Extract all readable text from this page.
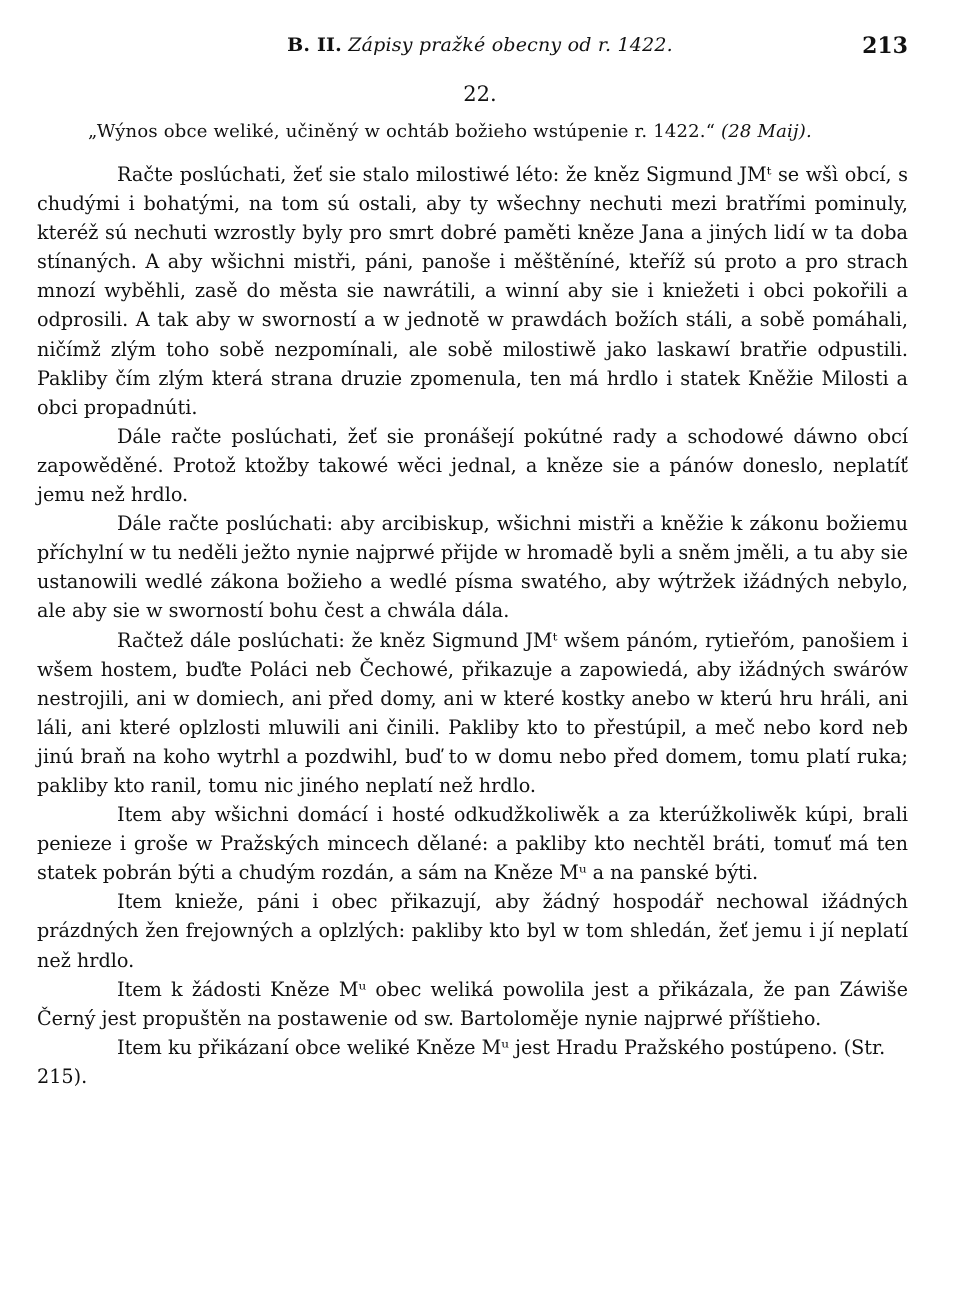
B. II. Zápisy pražké obecny od r. 1422.	213
22.
„Wýnos obce weliké, učiněný w ochtáb božieho wstúpenie r. 1422.“ (28 Maij).

Račte poslúchati, žeť sie stalo milostiwé léto: že kněz Sigmund JMᵗ se wšì obcí, s chudými i bohatými, na tom sú ostali, aby ty wšechny nechuti mezi bratřími pominuly, kteréž sú nechuti wzrostly byly pro smrt dobré paměti kněze Jana a jiných lidí w ta doba stínaných. A aby wšichni mistři, páni, panoše i měštěníné, kteříž sú proto a pro strach mnozí wyběhli, zasě do města sie nawrátili, a winní aby sie i kniežeti i obci pokořili a odprosili. A tak aby w sworností a w jednotě w prawdách božích stáli, a sobě pomáhali, ničímž zlým toho sobě nezpomínali, ale sobě milostiwě jako laskawí bratřie odpustili. Pakliby čím zlým která strana druzie zpomenula, ten má hrdlo i statek Kněžie Milosti a obci propadnúti.

Dále račte poslúchati, žeť sie pronášejí pokútné rady a schodowé dáwno obcí zapowěděné. Protož ktožby takowé wěci jednal, a kněze sie a pánów doneslo, neplatíť jemu než hrdlo.

Dále račte poslúchati: aby arcibiskup, wšichni mistři a kněžie k zákonu božiemu příchylní w tu neděli ježto nynie najprwé přijde w hromadě byli a sněm jměli, a tu aby sie ustanowili wedlé zákona božieho a wedlé písma swatého, aby wýtržek ižádných nebylo, ale aby sie w sworností bohu čest a chwála dála.

Račtež dále poslúchati: že kněz Sigmund JMᵗ wšem pánóm, rytieřóm, panošiem i wšem hostem, buďte Poláci neb Čechowé, přikazuje a zapowiedá, aby ižádných swárów nestrojili, ani w domiech, ani před domy, ani w které kostky anebo w kterú hru hráli, ani láli, ani které oplzlosti mluwili ani činili. Pakliby kto to přestúpil, a meč nebo kord neb jinú braň na koho wytrhl a pozdwihl, buď to w domu nebo před domem, tomu platí ruka; pakliby kto ranil, tomu nic jiného neplatí než hrdlo.

Item aby wšichni domácí i hosté odkudžkoliwěk a za kterúžkoliwěk kúpi, brali penieze i groše w Pražských mincech dělané: a pakliby kto nechtěl bráti, tomuť má ten statek pobrán býti a chudým rozdán, a sám na Kněze Mᵘ a na panské býti.

Item knieže, páni i obec přikazují, aby žádný hospodář nechowal ižádných prázdných žen frejowných a oplzlých: pakliby kto byl w tom shledán, žeť jemu i jí neplatí než hrdlo.

Item k žádosti Kněze Mᵘ obec weliká powolila jest a přikázala, že pan Záwiše Černý jest propuštěn na postawenie od sw. Bartoloměje nynie najprwé příštieho.

Item ku přikázaní obce weliké Kněze Mᵘ jest Hradu Pražského postúpeno. (Str. 215).
